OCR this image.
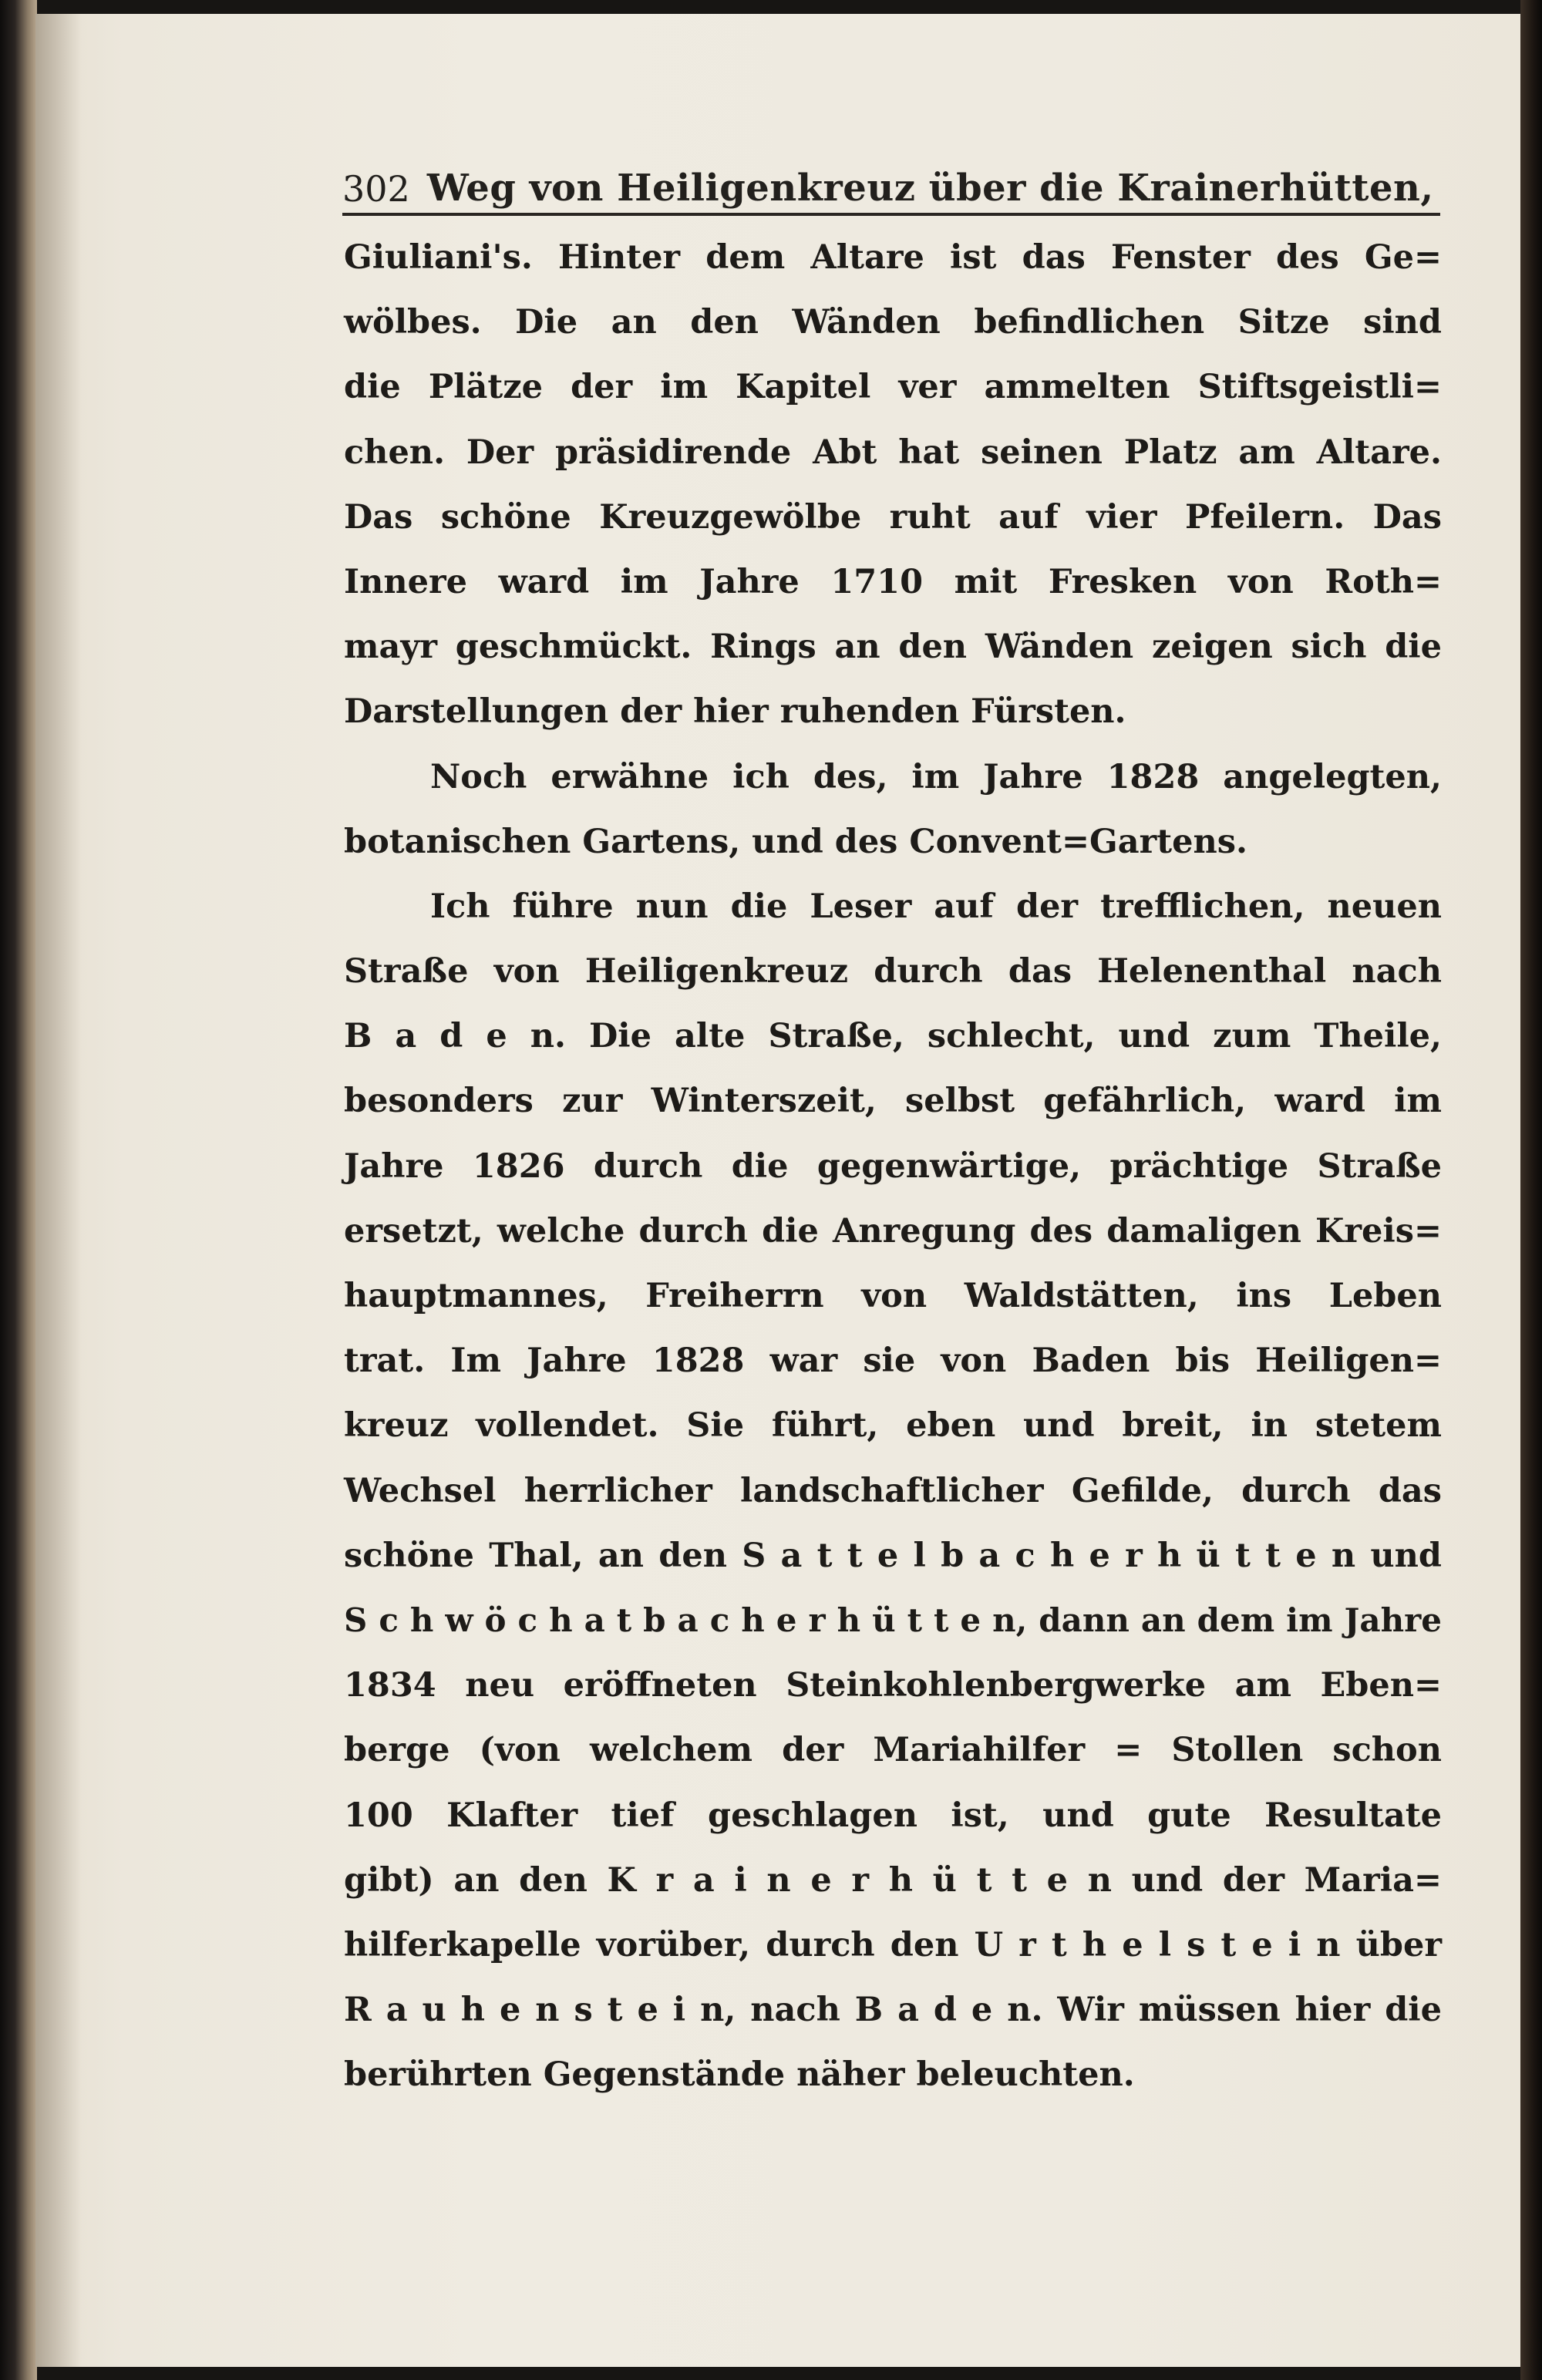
302 Weg von Heiligenkreuz über die Krainerhütten,
Giuliani's. Hinter dem Altare ist das Fenster des Ge=
wölbes. Die an den Wänden befindlichen Sitze sind
die Plätze der im Kapitel ver ammelten Stiftsgeistli=
chen. Der präsidirende Abt hat seinen Platz am Altare.
Das schöne Kreuzgewölbe ruht auf vier Pfeilern. Das
Innere ward im Jahre 1710 mit Fresken von Roth=
mayr geschmückt. Rings an den Wänden zeigen sich die
Darstellungen der hier ruhenden Fürsten.
Noch erwähne ich des, im Jahre 1828 angelegten,
botanischen Gartens, und des Convent=Gartens.
Ich führe nun die Leser auf der trefflichen, neuen
Straße von Heiligenkreuz durch das Helenenthal nach
B a d e n. Die alte Straße, schlecht, und zum Theile,
besonders zur Winterszeit, selbst gefährlich, ward im
Jahre 1826 durch die gegenwärtige, prächtige Straße
ersetzt, welche durch die Anregung des damaligen Kreis=
hauptmannes, Freiherrn von Waldstätten, ins Leben
trat. Im Jahre 1828 war sie von Baden bis Heiligen=
kreuz vollendet. Sie führt, eben und breit, in stetem
Wechsel herrlicher landschaftlicher Gefilde, durch das
schöne Thal, an den S a t t e l b a c h e r h ü t t e n und
S c h w ö c h a t b a c h e r h ü t t e n, dann an dem im Jahre
1834 neu eröffneten Steinkohlenbergwerke am Eben=
berge (von welchem der Mariahilfer = Stollen schon
100 Klafter tief geschlagen ist, und gute Resultate
gibt) an den K r a i n e r h ü t t e n und der Maria=
hilferkapelle vorüber, durch den U r t h e l s t e i n über
R a u h e n s t e i n, nach B a d e n. Wir müssen hier die
berührten Gegenstände näher beleuchten.
